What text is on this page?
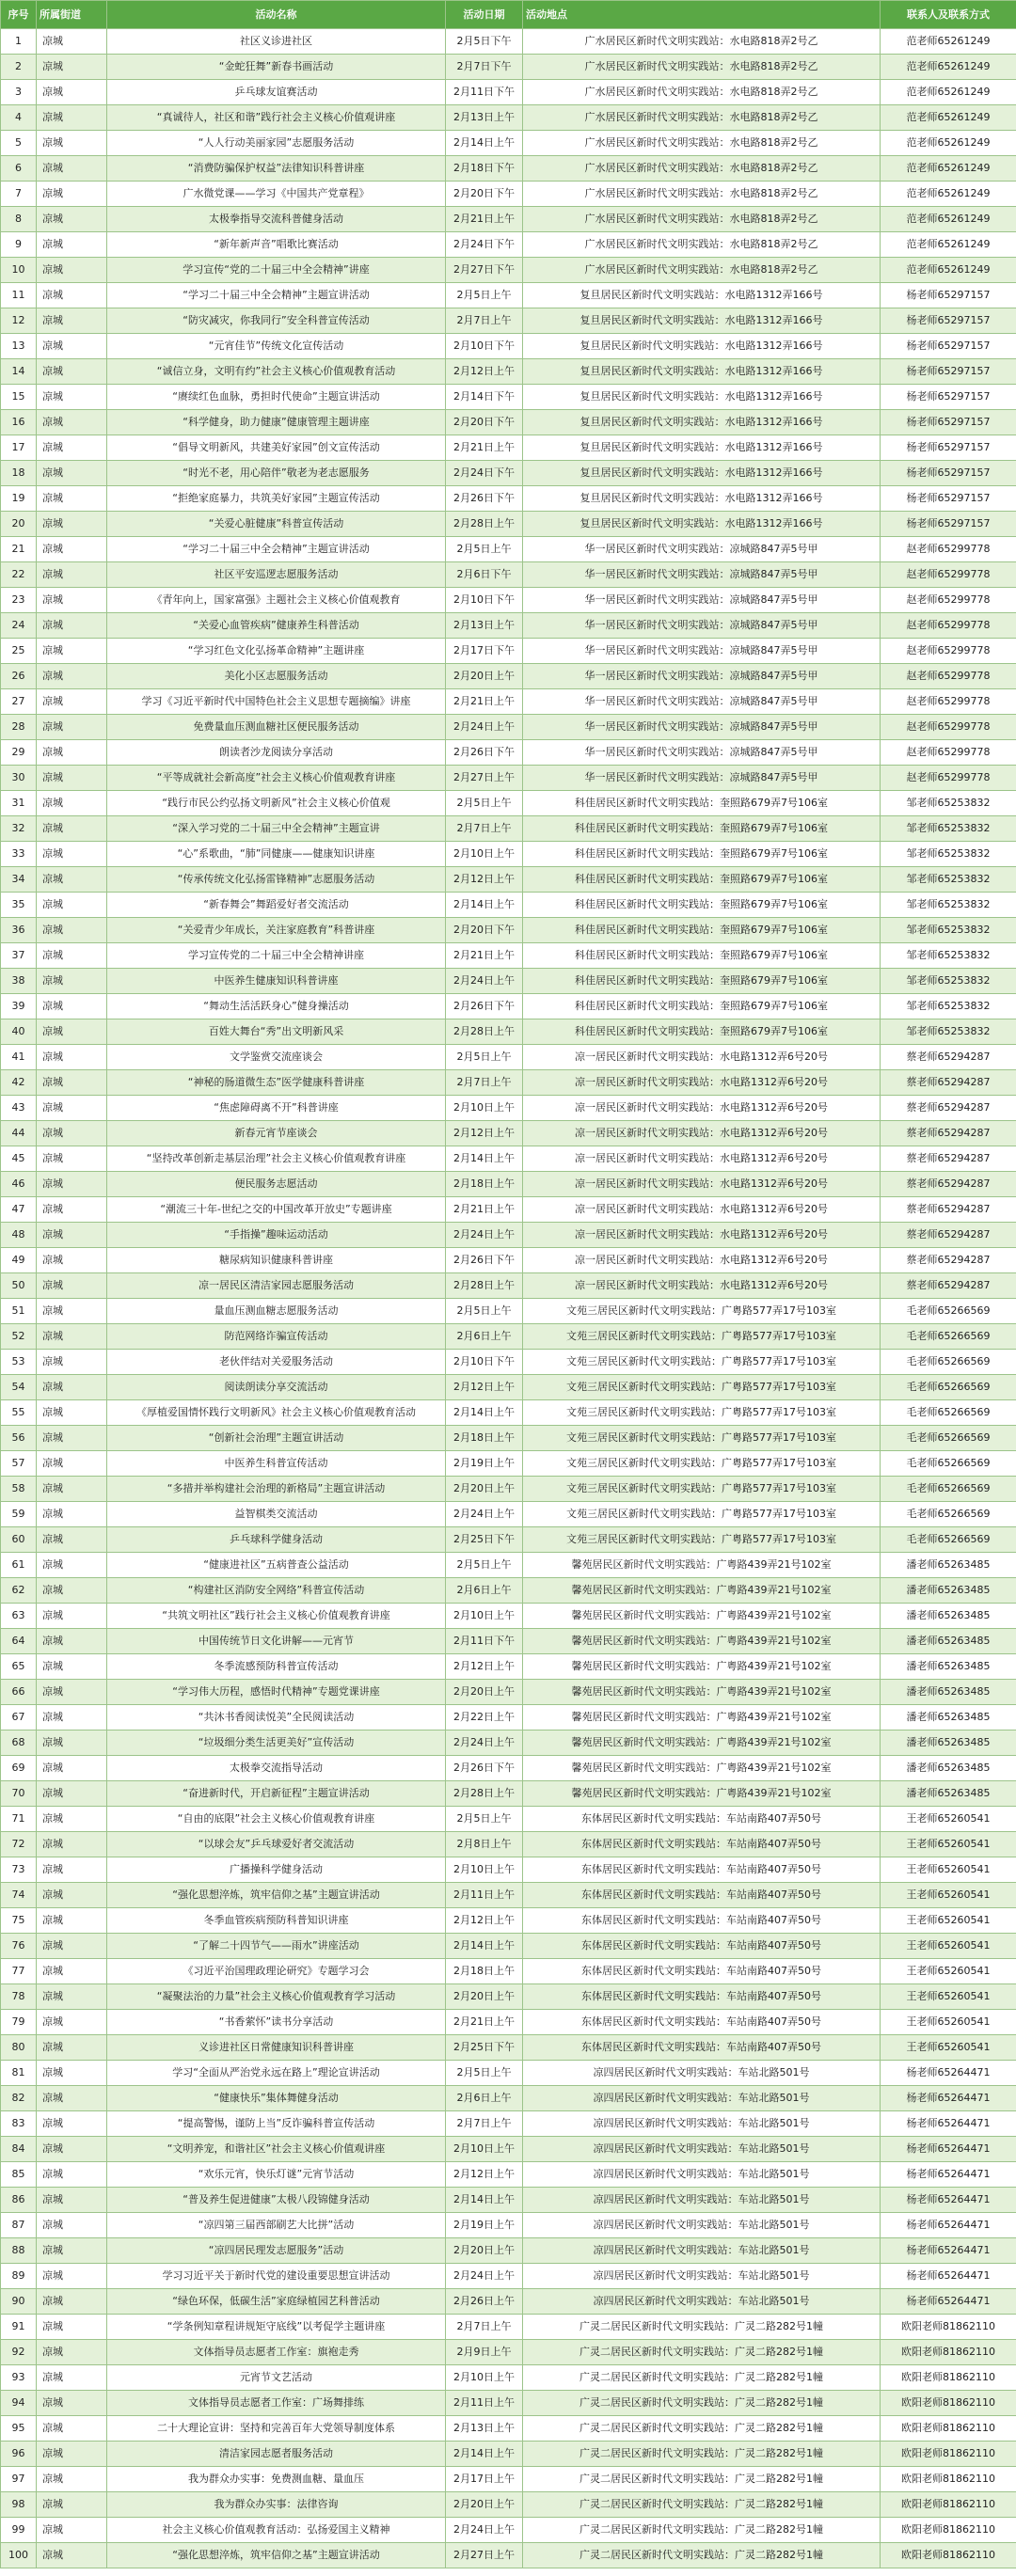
序号	所属街道	活动名称	活动日期	活动地点	联系人及联系方式
1	凉城	社区义诊进社区	2月5日下午	广水居民区新时代文明实践站：水电路818弄2号乙	范老师65261249
2	凉城	“金蛇狂舞”新春书画活动	2月7日下午	广水居民区新时代文明实践站：水电路818弄2号乙	范老师65261249
3	凉城	乒乓球友谊赛活动	2月11日下午	广水居民区新时代文明实践站：水电路818弄2号乙	范老师65261249
4	凉城	“真诚待人，社区和谐”践行社会主义核心价值观讲座	2月13日上午	广水居民区新时代文明实践站：水电路818弄2号乙	范老师65261249
5	凉城	“人人行动美丽家园”志愿服务活动	2月14日上午	广水居民区新时代文明实践站：水电路818弄2号乙	范老师65261249
6	凉城	“消费防骗保护权益”法律知识科普讲座	2月18日下午	广水居民区新时代文明实践站：水电路818弄2号乙	范老师65261249
7	凉城	广水微党课——学习《中国共产党章程》	2月20日下午	广水居民区新时代文明实践站：水电路818弄2号乙	范老师65261249
8	凉城	太极拳指导交流科普健身活动	2月21日上午	广水居民区新时代文明实践站：水电路818弄2号乙	范老师65261249
9	凉城	“新年新声音”唱歌比赛活动	2月24日下午	广水居民区新时代文明实践站：水电路818弄2号乙	范老师65261249
10	凉城	学习宣传“党的二十届三中全会精神”讲座	2月27日下午	广水居民区新时代文明实践站：水电路818弄2号乙	范老师65261249
11	凉城	“学习二十届三中全会精神”主题宣讲活动	2月5日上午	复旦居民区新时代文明实践站：水电路1312弄166号	杨老师65297157
12	凉城	“防灾减灾，你我同行”安全科普宣传活动	2月7日上午	复旦居民区新时代文明实践站：水电路1312弄166号	杨老师65297157
13	凉城	“元宵佳节”传统文化宣传活动	2月10日下午	复旦居民区新时代文明实践站：水电路1312弄166号	杨老师65297157
14	凉城	“诚信立身，文明有约”社会主义核心价值观教育活动	2月12日上午	复旦居民区新时代文明实践站：水电路1312弄166号	杨老师65297157
15	凉城	“赓续红色血脉，勇担时代使命”主题宣讲活动	2月14日下午	复旦居民区新时代文明实践站：水电路1312弄166号	杨老师65297157
16	凉城	“科学健身，助力健康”健康管理主题讲座	2月20日下午	复旦居民区新时代文明实践站：水电路1312弄166号	杨老师65297157
17	凉城	“倡导文明新风，共建美好家园”创文宣传活动	2月21日上午	复旦居民区新时代文明实践站：水电路1312弄166号	杨老师65297157
18	凉城	“时光不老，用心陪伴”敬老为老志愿服务	2月24日下午	复旦居民区新时代文明实践站：水电路1312弄166号	杨老师65297157
19	凉城	“拒绝家庭暴力，共筑美好家园”主题宣传活动	2月26日下午	复旦居民区新时代文明实践站：水电路1312弄166号	杨老师65297157
20	凉城	“关爱心脏健康”科普宣传活动	2月28日上午	复旦居民区新时代文明实践站：水电路1312弄166号	杨老师65297157
21	凉城	“学习二十届三中全会精神”主题宣讲活动	2月5日上午	华一居民区新时代文明实践站：凉城路847弄5号甲	赵老师65299778
22	凉城	社区平安巡逻志愿服务活动	2月6日下午	华一居民区新时代文明实践站：凉城路847弄5号甲	赵老师65299778
23	凉城	《青年向上，国家富强》主题社会主义核心价值观教育	2月10日下午	华一居民区新时代文明实践站：凉城路847弄5号甲	赵老师65299778
24	凉城	“关爱心血管疾病”健康养生科普活动	2月13日上午	华一居民区新时代文明实践站：凉城路847弄5号甲	赵老师65299778
25	凉城	“学习红色文化弘扬革命精神”主题讲座	2月17日下午	华一居民区新时代文明实践站：凉城路847弄5号甲	赵老师65299778
26	凉城	美化小区志愿服务活动	2月20日上午	华一居民区新时代文明实践站：凉城路847弄5号甲	赵老师65299778
27	凉城	学习《习近平新时代中国特色社会主义思想专题摘编》讲座	2月21日上午	华一居民区新时代文明实践站：凉城路847弄5号甲	赵老师65299778
28	凉城	免费量血压测血糖社区便民服务活动	2月24日上午	华一居民区新时代文明实践站：凉城路847弄5号甲	赵老师65299778
29	凉城	朗读者沙龙阅读分享活动	2月26日下午	华一居民区新时代文明实践站：凉城路847弄5号甲	赵老师65299778
30	凉城	“平等成就社会新高度”社会主义核心价值观教育讲座	2月27日上午	华一居民区新时代文明实践站：凉城路847弄5号甲	赵老师65299778
31	凉城	“践行市民公约弘扬文明新风”社会主义核心价值观	2月5日上午	科佳居民区新时代文明实践站：奎照路679弄7号106室	邹老师65253832
32	凉城	“深入学习党的二十届三中全会精神”主题宣讲	2月7日上午	科佳居民区新时代文明实践站：奎照路679弄7号106室	邹老师65253832
33	凉城	“心”系歌曲，“肺”同健康——健康知识讲座	2月10日上午	科佳居民区新时代文明实践站：奎照路679弄7号106室	邹老师65253832
34	凉城	“传承传统文化弘扬雷锋精神”志愿服务活动	2月12日上午	科佳居民区新时代文明实践站：奎照路679弄7号106室	邹老师65253832
35	凉城	“新春舞会”舞蹈爱好者交流活动	2月14日上午	科佳居民区新时代文明实践站：奎照路679弄7号106室	邹老师65253832
36	凉城	“关爱青少年成长，关注家庭教育”科普讲座	2月20日下午	科佳居民区新时代文明实践站：奎照路679弄7号106室	邹老师65253832
37	凉城	学习宣传党的二十届三中全会精神讲座	2月21日上午	科佳居民区新时代文明实践站：奎照路679弄7号106室	邹老师65253832
38	凉城	中医养生健康知识科普讲座	2月24日上午	科佳居民区新时代文明实践站：奎照路679弄7号106室	邹老师65253832
39	凉城	“舞动生活活跃身心”健身操活动	2月26日下午	科佳居民区新时代文明实践站：奎照路679弄7号106室	邹老师65253832
40	凉城	百姓大舞台“秀”出文明新风采	2月28日上午	科佳居民区新时代文明实践站：奎照路679弄7号106室	邹老师65253832
41	凉城	文学鉴赏交流座谈会	2月5日上午	凉一居民区新时代文明实践站：水电路1312弄6号20号	蔡老师65294287
42	凉城	“神秘的肠道微生态”医学健康科普讲座	2月7日上午	凉一居民区新时代文明实践站：水电路1312弄6号20号	蔡老师65294287
43	凉城	“焦虑障碍离不开”科普讲座	2月10日上午	凉一居民区新时代文明实践站：水电路1312弄6号20号	蔡老师65294287
44	凉城	新春元宵节座谈会	2月12日上午	凉一居民区新时代文明实践站：水电路1312弄6号20号	蔡老师65294287
45	凉城	“坚持改革创新走基层治理”社会主义核心价值观教育讲座	2月14日上午	凉一居民区新时代文明实践站：水电路1312弄6号20号	蔡老师65294287
46	凉城	便民服务志愿活动	2月18日上午	凉一居民区新时代文明实践站：水电路1312弄6号20号	蔡老师65294287
47	凉城	“潮流三十年-世纪之交的中国改革开放史”专题讲座	2月21日上午	凉一居民区新时代文明实践站：水电路1312弄6号20号	蔡老师65294287
48	凉城	“手指操”趣味运动活动	2月24日上午	凉一居民区新时代文明实践站：水电路1312弄6号20号	蔡老师65294287
49	凉城	糖尿病知识健康科普讲座	2月26日下午	凉一居民区新时代文明实践站：水电路1312弄6号20号	蔡老师65294287
50	凉城	凉一居民区清洁家园志愿服务活动	2月28日上午	凉一居民区新时代文明实践站：水电路1312弄6号20号	蔡老师65294287
51	凉城	量血压测血糖志愿服务活动	2月5日上午	文苑三居民区新时代文明实践站：广粤路577弄17号103室	毛老师65266569
52	凉城	防范网络诈骗宣传活动	2月6日上午	文苑三居民区新时代文明实践站：广粤路577弄17号103室	毛老师65266569
53	凉城	老伙伴结对关爱服务活动	2月10日下午	文苑三居民区新时代文明实践站：广粤路577弄17号103室	毛老师65266569
54	凉城	阅读朗读分享交流活动	2月12日上午	文苑三居民区新时代文明实践站：广粤路577弄17号103室	毛老师65266569
55	凉城	《厚植爱国情怀践行文明新风》社会主义核心价值观教育活动	2月14日上午	文苑三居民区新时代文明实践站：广粤路577弄17号103室	毛老师65266569
56	凉城	“创新社会治理”主题宣讲活动	2月18日上午	文苑三居民区新时代文明实践站：广粤路577弄17号103室	毛老师65266569
57	凉城	中医养生科普宣传活动	2月19日上午	文苑三居民区新时代文明实践站：广粤路577弄17号103室	毛老师65266569
58	凉城	“多措并举构建社会治理的新格局”主题宣讲活动	2月20日上午	文苑三居民区新时代文明实践站：广粤路577弄17号103室	毛老师65266569
59	凉城	益智棋类交流活动	2月24日上午	文苑三居民区新时代文明实践站：广粤路577弄17号103室	毛老师65266569
60	凉城	乒乓球科学健身活动	2月25日下午	文苑三居民区新时代文明实践站：广粤路577弄17号103室	毛老师65266569
61	凉城	“健康进社区”五病普查公益活动	2月5日上午	馨苑居民区新时代文明实践站：广粤路439弄21号102室	潘老师65263485
62	凉城	“构建社区消防安全网络”科普宣传活动	2月6日上午	馨苑居民区新时代文明实践站：广粤路439弄21号102室	潘老师65263485
63	凉城	“共筑文明社区”践行社会主义核心价值观教育讲座	2月10日上午	馨苑居民区新时代文明实践站：广粤路439弄21号102室	潘老师65263485
64	凉城	中国传统节日文化讲解——元宵节	2月11日下午	馨苑居民区新时代文明实践站：广粤路439弄21号102室	潘老师65263485
65	凉城	冬季流感预防科普宣传活动	2月12日上午	馨苑居民区新时代文明实践站：广粤路439弄21号102室	潘老师65263485
66	凉城	“学习伟大历程，感悟时代精神”专题党课讲座	2月20日上午	馨苑居民区新时代文明实践站：广粤路439弄21号102室	潘老师65263485
67	凉城	“共沐书香阅读悦美”全民阅读活动	2月22日上午	馨苑居民区新时代文明实践站：广粤路439弄21号102室	潘老师65263485
68	凉城	“垃圾细分类生活更美好”宣传活动	2月24日上午	馨苑居民区新时代文明实践站：广粤路439弄21号102室	潘老师65263485
69	凉城	太极拳交流指导活动	2月26日下午	馨苑居民区新时代文明实践站：广粤路439弄21号102室	潘老师65263485
70	凉城	“奋进新时代，开启新征程”主题宣讲活动	2月28日上午	馨苑居民区新时代文明实践站：广粤路439弄21号102室	潘老师65263485
71	凉城	“自由的底限”社会主义核心价值观教育讲座	2月5日上午	东体居民区新时代文明实践站：车站南路407弄50号	王老师65260541
72	凉城	“以球会友”乒乓球爱好者交流活动	2月8日上午	东体居民区新时代文明实践站：车站南路407弄50号	王老师65260541
73	凉城	广播操科学健身活动	2月10日上午	东体居民区新时代文明实践站：车站南路407弄50号	王老师65260541
74	凉城	“强化思想淬炼，筑牢信仰之基”主题宣讲活动	2月11日上午	东体居民区新时代文明实践站：车站南路407弄50号	王老师65260541
75	凉城	冬季血管疾病预防科普知识讲座	2月12日上午	东体居民区新时代文明实践站：车站南路407弄50号	王老师65260541
76	凉城	“了解二十四节气——雨水”讲座活动	2月14日上午	东体居民区新时代文明实践站：车站南路407弄50号	王老师65260541
77	凉城	《习近平治国理政理论研究》专题学习会	2月18日上午	东体居民区新时代文明实践站：车站南路407弄50号	王老师65260541
78	凉城	“凝聚法治的力量”社会主义核心价值观教育学习活动	2月20日上午	东体居民区新时代文明实践站：车站南路407弄50号	王老师65260541
79	凉城	“书香萦怀”读书分享活动	2月21日上午	东体居民区新时代文明实践站：车站南路407弄50号	王老师65260541
80	凉城	义诊进社区日常健康知识科普讲座	2月25日下午	东体居民区新时代文明实践站：车站南路407弄50号	王老师65260541
81	凉城	学习“全面从严治党永远在路上”理论宣讲活动	2月5日上午	凉四居民区新时代文明实践站：车站北路501号	杨老师65264471
82	凉城	“健康快乐”集体舞健身活动	2月6日上午	凉四居民区新时代文明实践站：车站北路501号	杨老师65264471
83	凉城	“提高警惕，谨防上当”反诈骗科普宣传活动	2月7日上午	凉四居民区新时代文明实践站：车站北路501号	杨老师65264471
84	凉城	“文明养宠，和谐社区”社会主义核心价值观讲座	2月10日上午	凉四居民区新时代文明实践站：车站北路501号	杨老师65264471
85	凉城	“欢乐元宵，快乐灯谜”元宵节活动	2月12日上午	凉四居民区新时代文明实践站：车站北路501号	杨老师65264471
86	凉城	“普及养生促进健康”太极八段锦健身活动	2月14日上午	凉四居民区新时代文明实践站：车站北路501号	杨老师65264471
87	凉城	“凉四第三届西部刷艺大比拼”活动	2月19日上午	凉四居民区新时代文明实践站：车站北路501号	杨老师65264471
88	凉城	“凉四居民理发志愿服务”活动	2月20日上午	凉四居民区新时代文明实践站：车站北路501号	杨老师65264471
89	凉城	学习习近平关于新时代党的建设重要思想宣讲活动	2月24日上午	凉四居民区新时代文明实践站：车站北路501号	杨老师65264471
90	凉城	“绿色环保，低碳生活”家庭绿植园艺科普活动	2月26日上午	凉四居民区新时代文明实践站：车站北路501号	杨老师65264471
91	凉城	“学条例知章程讲规矩守底线”以考促学主题讲座	2月7日上午	广灵二居民区新时代文明实践站：广灵二路282号1幢	欧阳老师81862110
92	凉城	文体指导员志愿者工作室：旗袍走秀	2月9日上午	广灵二居民区新时代文明实践站：广灵二路282号1幢	欧阳老师81862110
93	凉城	元宵节文艺活动	2月10日上午	广灵二居民区新时代文明实践站：广灵二路282号1幢	欧阳老师81862110
94	凉城	文体指导员志愿者工作室：广场舞排练	2月11日上午	广灵二居民区新时代文明实践站：广灵二路282号1幢	欧阳老师81862110
95	凉城	二十大理论宣讲：坚持和完善百年大党领导制度体系	2月13日上午	广灵二居民区新时代文明实践站：广灵二路282号1幢	欧阳老师81862110
96	凉城	清洁家园志愿者服务活动	2月14日上午	广灵二居民区新时代文明实践站：广灵二路282号1幢	欧阳老师81862110
97	凉城	我为群众办实事：免费测血糖、量血压	2月17日上午	广灵二居民区新时代文明实践站：广灵二路282号1幢	欧阳老师81862110
98	凉城	我为群众办实事：法律咨询	2月20日上午	广灵二居民区新时代文明实践站：广灵二路282号1幢	欧阳老师81862110
99	凉城	社会主义核心价值观教育活动：弘扬爱国主义精神	2月24日上午	广灵二居民区新时代文明实践站：广灵二路282号1幢	欧阳老师81862110
100	凉城	“强化思想淬炼，筑牢信仰之基”主题宣讲活动	2月27日上午	广灵二居民区新时代文明实践站：广灵二路282号1幢	欧阳老师81862110
